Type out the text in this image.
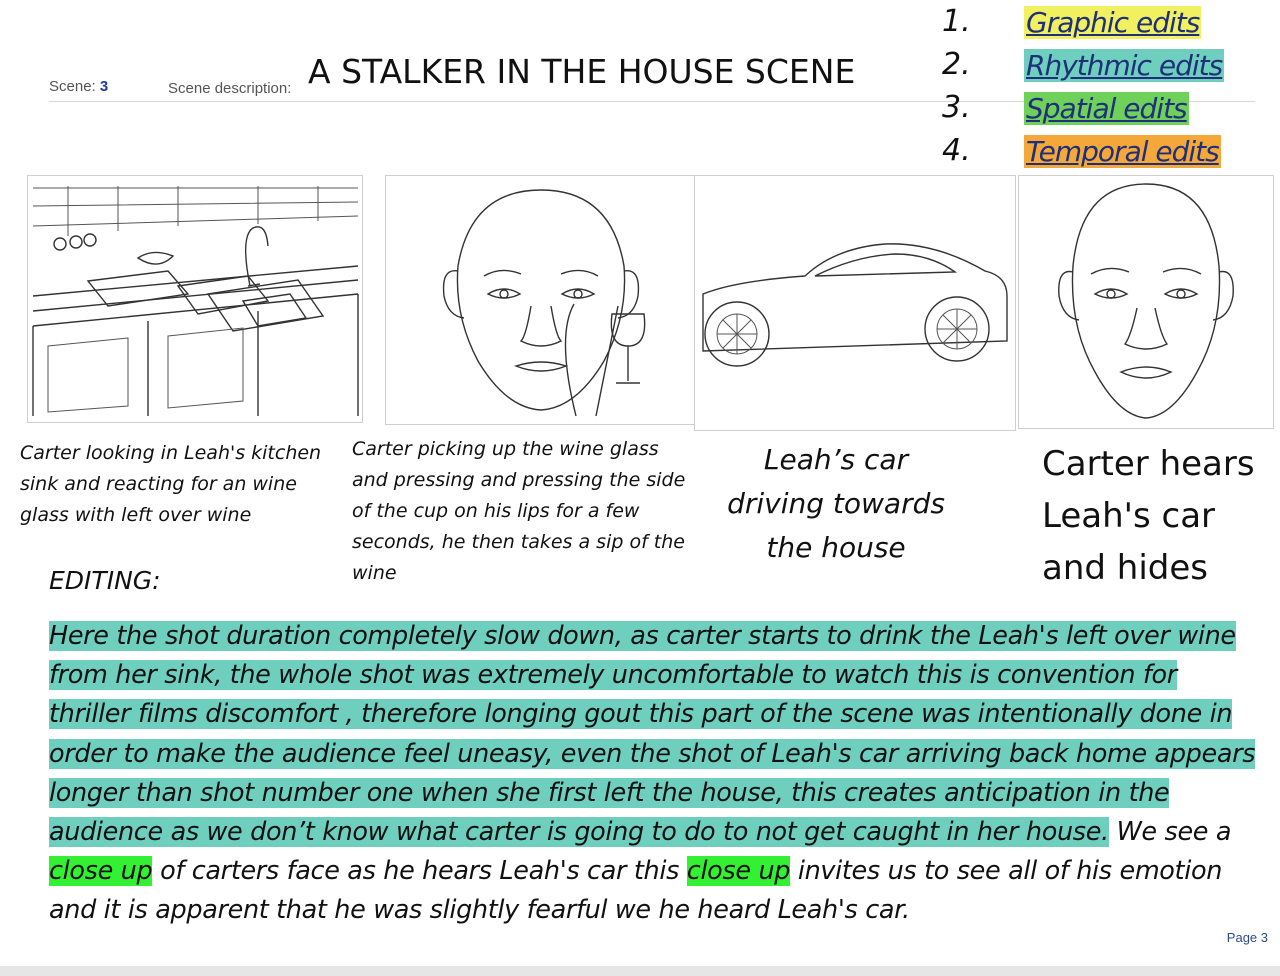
Scene: 3	Scene description: A STALKER IN THE HOUSE SCENE
1. Graphic edits
2. Rhythmic edits
3. Spatial edits
4. Temporal edits
Carter looking in Leah's kitchen sink and reacting for an wine glass with left over wine
Carter picking up the wine glass and pressing and pressing the side of the cup on his lips for a few seconds, he then takes a sip of the wine
Leah’s car driving towards the house
Carter hears Leah's car and hides
EDITING:
Here the shot duration completely slow down, as carter starts to drink the Leah's left over wine from her sink, the whole shot was extremely uncomfortable to watch this is convention for thriller films discomfort , therefore longing gout this part of the scene was intentionally done in order to make the audience feel uneasy, even the shot of Leah's car arriving back home appears longer than shot number one when she first left the house, this creates anticipation in the audience as we don’t know what carter is going to do to not get caught in her house. We see a close up of carters face as he hears Leah's car this close up invites us to see all of his emotion and it is apparent that he was slightly fearful we he heard Leah's car.
Page 3
